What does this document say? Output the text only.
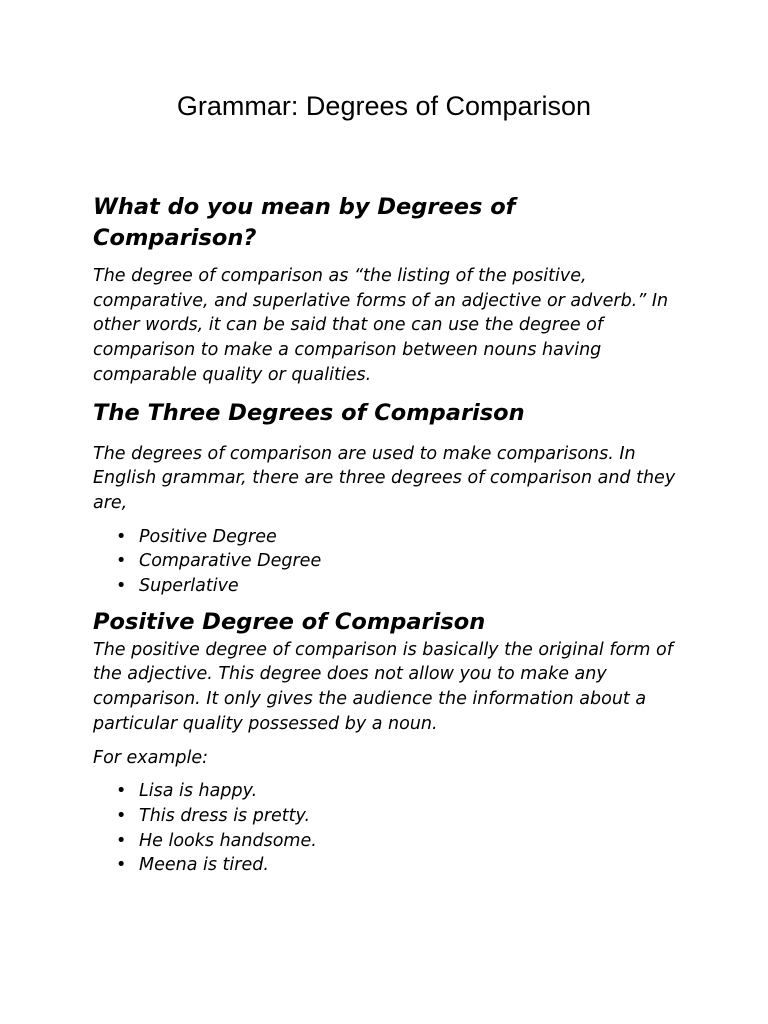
Grammar: Degrees of Comparison
What do you mean by Degrees of Comparison?

The degree of comparison as “the listing of the positive, comparative, and superlative forms of an adjective or adverb.” In other words, it can be said that one can use the degree of comparison to make a comparison between nouns having comparable quality or qualities.

The Three Degrees of Comparison

The degrees of comparison are used to make comparisons. In English grammar, there are three degrees of comparison and they are,

• Positive Degree
• Comparative Degree
• Superlative
Positive Degree of Comparison

The positive degree of comparison is basically the original form of the adjective. This degree does not allow you to make any comparison. It only gives the audience the information about a particular quality possessed by a noun.

For example:

• Lisa is happy.
• This dress is pretty.
• He looks handsome.
• Meena is tired.
